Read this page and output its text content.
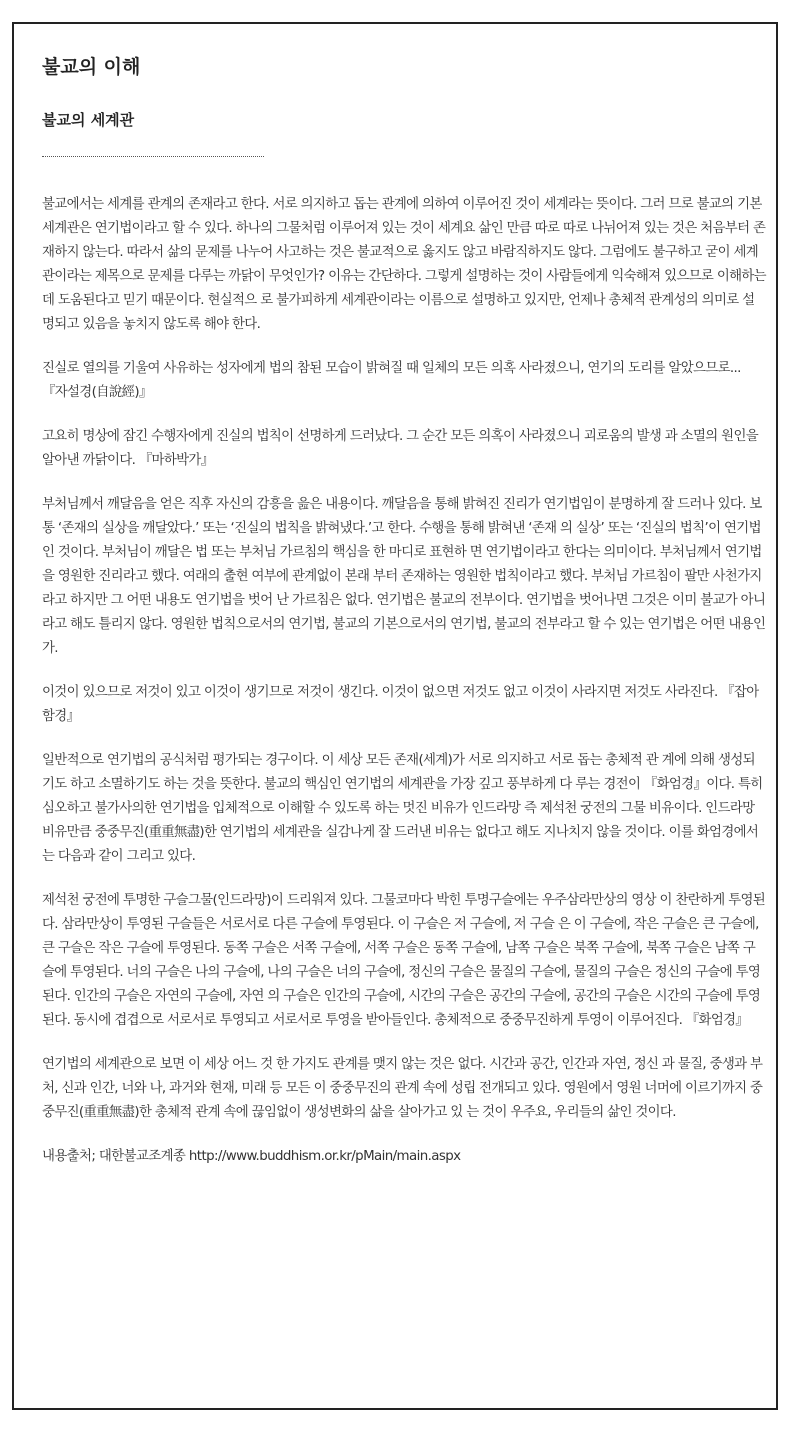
불교의 이해
불교의 세계관

불교에서는 세계를 관계의 존재라고 한다. 서로 의지하고 돕는 관계에 의하여 이루어진 것이 세계라는 뜻이다. 그러 므로 불교의 기본 세계관은 연기법이라고 할 수 있다. 하나의 그물처럼 이루어져 있는 것이 세계요 삶인 만큼 따로 따로 나뉘어져 있는 것은 처음부터 존재하지 않는다. 따라서 삶의 문제를 나누어 사고하는 것은 불교적으로 옳지도 않고 바람직하지도 않다. 그럼에도 불구하고 굳이 세계관이라는 제목으로 문제를 다루는 까닭이 무엇인가? 이유는 간단하다. 그렇게 설명하는 것이 사람들에게 익숙해져 있으므로 이해하는 데 도움된다고 믿기 때문이다. 현실적으 로 불가피하게 세계관이라는 이름으로 설명하고 있지만, 언제나 총체적 관계성의 의미로 설명되고 있음을 놓치지 않도록 해야 한다.

진실로 열의를 기울여 사유하는 성자에게 법의 참된 모습이 밝혀질 때 일체의 모든 의혹 사라졌으니, 연기의 도리를 알았으므로... 『자설경(自說經)』

고요히 명상에 잠긴 수행자에게 진실의 법칙이 선명하게 드러났다. 그 순간 모든 의혹이 사라졌으니 괴로움의 발생 과 소멸의 원인을 알아낸 까닭이다. 『마하박가』

부처님께서 깨달음을 얻은 직후 자신의 감흥을 읊은 내용이다. 깨달음을 통해 밝혀진 진리가 연기법임이 분명하게 잘 드러나 있다. 보통 ‘존재의 실상을 깨달았다.’ 또는 ‘진실의 법칙을 밝혀냈다.’고 한다. 수행을 통해 밝혀낸 ‘존재 의 실상’ 또는 ‘진실의 법칙’이 연기법인 것이다. 부처님이 깨달은 법 또는 부처님 가르침의 핵심을 한 마디로 표현하 면 연기법이라고 한다는 의미이다. 부처님께서 연기법을 영원한 진리라고 했다. 여래의 출현 여부에 관계없이 본래 부터 존재하는 영원한 법칙이라고 했다. 부처님 가르침이 팔만 사천가지라고 하지만 그 어떤 내용도 연기법을 벗어 난 가르침은 없다. 연기법은 불교의 전부이다. 연기법을 벗어나면 그것은 이미 불교가 아니라고 해도 틀리지 않다. 영원한 법칙으로서의 연기법, 불교의 기본으로서의 연기법, 불교의 전부라고 할 수 있는 연기법은 어떤 내용인가.

이것이 있으므로 저것이 있고 이것이 생기므로 저것이 생긴다. 이것이 없으면 저것도 없고 이것이 사라지면 저것도 사라진다. 『잡아함경』

일반적으로 연기법의 공식처럼 평가되는 경구이다. 이 세상 모든 존재(세계)가 서로 의지하고 서로 돕는 총체적 관 계에 의해 생성되기도 하고 소멸하기도 하는 것을 뜻한다. 불교의 핵심인 연기법의 세계관을 가장 깊고 풍부하게 다 루는 경전이 『화엄경』이다. 특히 심오하고 불가사의한 연기법을 입체적으로 이해할 수 있도록 하는 멋진 비유가 인드라망 즉 제석천 궁전의 그물 비유이다. 인드라망 비유만큼 중중무진(重重無盡)한 연기법의 세계관을 실감나게 잘 드러낸 비유는 없다고 해도 지나치지 않을 것이다. 이를 화엄경에서는 다음과 같이 그리고 있다.

제석천 궁전에 투명한 구슬그물(인드라망)이 드리워져 있다. 그물코마다 박힌 투명구슬에는 우주삼라만상의 영상 이 찬란하게 투영된다. 삼라만상이 투영된 구슬들은 서로서로 다른 구슬에 투영된다. 이 구슬은 저 구슬에, 저 구슬 은 이 구슬에, 작은 구슬은 큰 구슬에, 큰 구슬은 작은 구슬에 투영된다. 동쪽 구슬은 서쪽 구슬에, 서쪽 구슬은 동쪽 구슬에, 남쪽 구슬은 북쪽 구슬에, 북쪽 구슬은 남쪽 구슬에 투영된다. 너의 구슬은 나의 구슬에, 나의 구슬은 너의 구슬에, 정신의 구슬은 물질의 구슬에, 물질의 구슬은 정신의 구슬에 투영된다. 인간의 구슬은 자연의 구슬에, 자연 의 구슬은 인간의 구슬에, 시간의 구슬은 공간의 구슬에, 공간의 구슬은 시간의 구슬에 투영된다. 동시에 겹겹으로 서로서로 투영되고 서로서로 투영을 받아들인다. 총체적으로 중중무진하게 투영이 이루어진다. 『화엄경』

연기법의 세계관으로 보면 이 세상 어느 것 한 가지도 관계를 맺지 않는 것은 없다. 시간과 공간, 인간과 자연, 정신 과 물질, 중생과 부처, 신과 인간, 너와 나, 과거와 현재, 미래 등 모든 이 중중무진의 관계 속에 성립 전개되고 있다. 영원에서 영원 너머에 이르기까지 중중무진(重重無盡)한 총체적 관계 속에 끊임없이 생성변화의 삶을 살아가고 있 는 것이 우주요, 우리들의 삶인 것이다.

내용출처; 대한불교조계종 http://www.buddhism.or.kr/pMain/main.aspx
